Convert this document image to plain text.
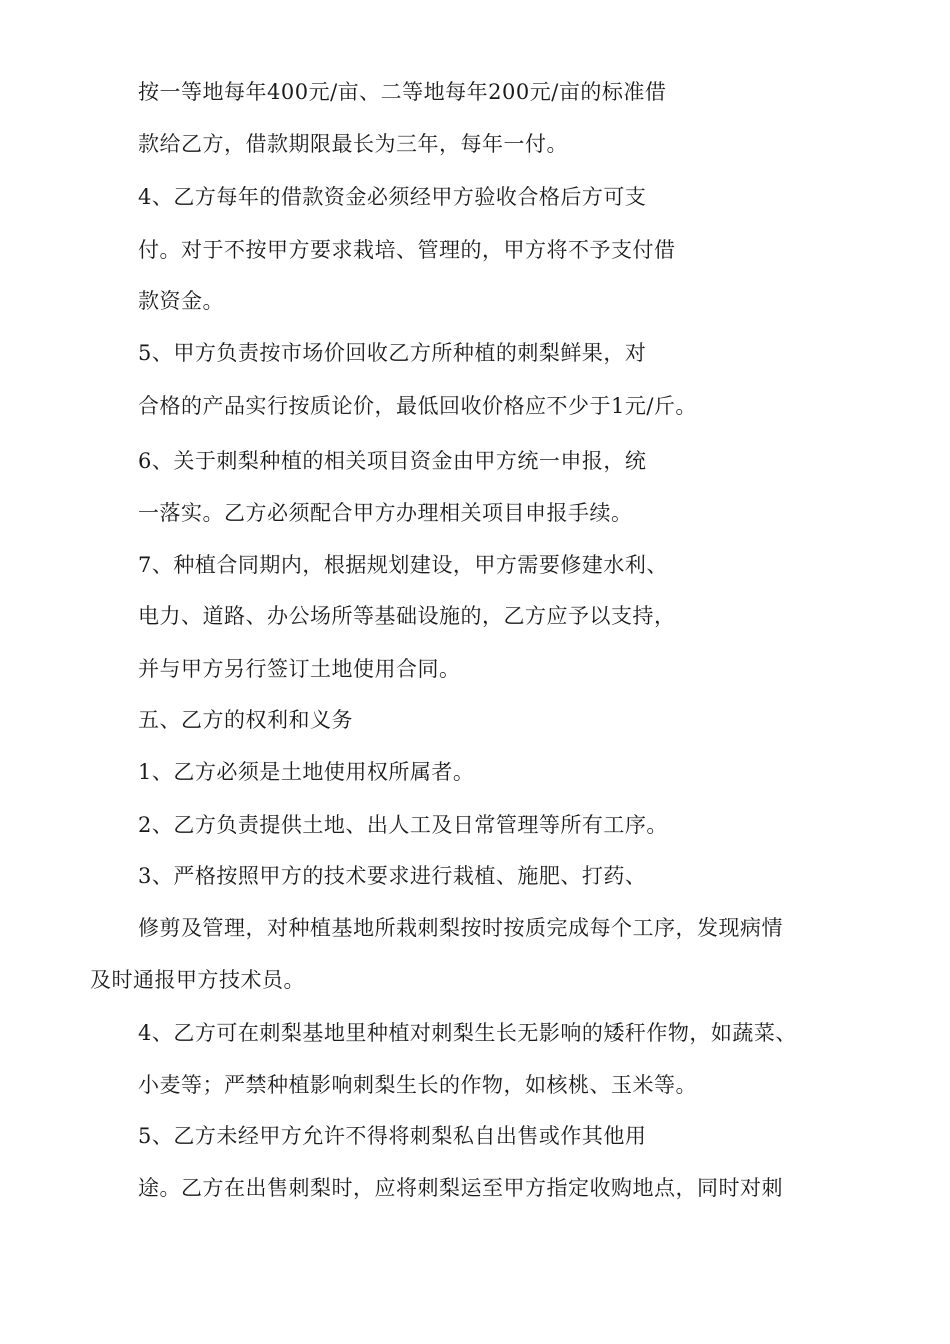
按一等地每年400元/亩、二等地每年200元/亩的标准借
款给乙方，借款期限最长为三年，每年一付。
4、乙方每年的借款资金必须经甲方验收合格后方可支
付。对于不按甲方要求栽培、管理的，甲方将不予支付借
款资金。
5、甲方负责按市场价回收乙方所种植的刺梨鲜果，对
合格的产品实行按质论价，最低回收价格应不少于1元/斤。
6、关于刺梨种植的相关项目资金由甲方统一申报，统
一落实。乙方必须配合甲方办理相关项目申报手续。
7、种植合同期内，根据规划建设，甲方需要修建水利、
电力、道路、办公场所等基础设施的，乙方应予以支持，
并与甲方另行签订土地使用合同。
五、乙方的权利和义务
1、乙方必须是土地使用权所属者。
2、乙方负责提供土地、出人工及日常管理等所有工序。
3、严格按照甲方的技术要求进行栽植、施肥、打药、
修剪及管理，对种植基地所栽刺梨按时按质完成每个工序，发现病情
及时通报甲方技术员。
4、乙方可在刺梨基地里种植对刺梨生长无影响的矮秆作物，如蔬菜、
小麦等；严禁种植影响刺梨生长的作物，如核桃、玉米等。
5、乙方未经甲方允许不得将刺梨私自出售或作其他用
途。乙方在出售刺梨时，应将刺梨运至甲方指定收购地点，同时对刺
